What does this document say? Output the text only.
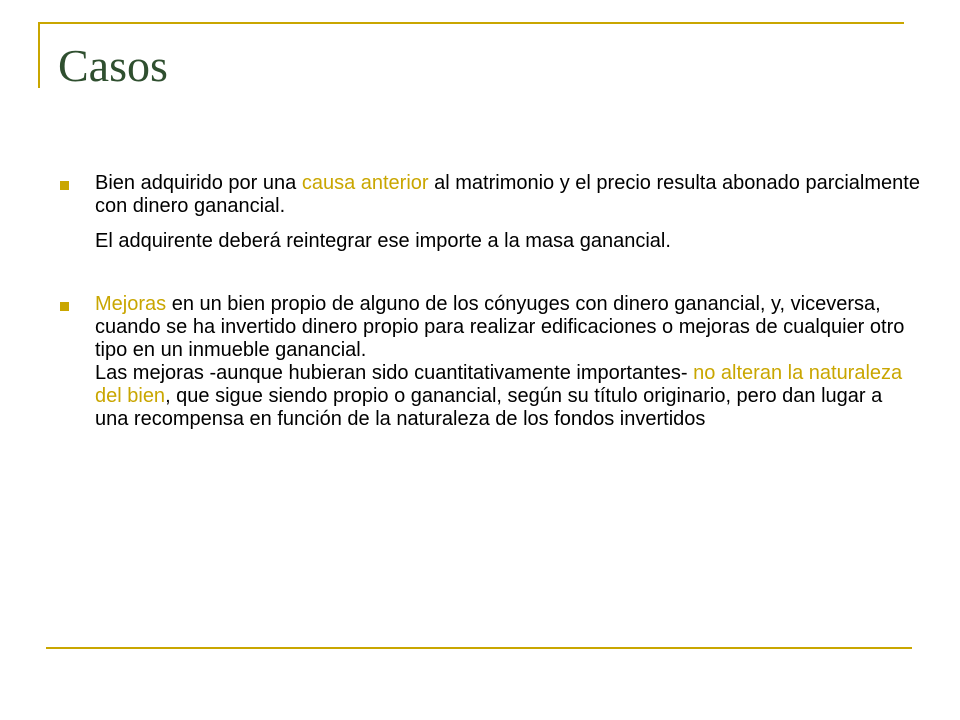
Casos
Bien adquirido por una causa anterior al matrimonio y el precio resulta abonado parcialmente con dinero ganancial.
El adquirente deberá reintegrar ese importe a la masa ganancial.
Mejoras en un bien propio de alguno de los cónyuges con dinero ganancial, y, viceversa, cuando se ha invertido dinero propio para realizar edificaciones o mejoras de cualquier otro tipo en un inmueble ganancial.
Las mejoras -aunque hubieran sido cuantitativamente importantes- no alteran la naturaleza del bien, que sigue siendo propio o ganancial, según su título originario, pero dan lugar a una recompensa en función de la naturaleza de los fondos invertidos
